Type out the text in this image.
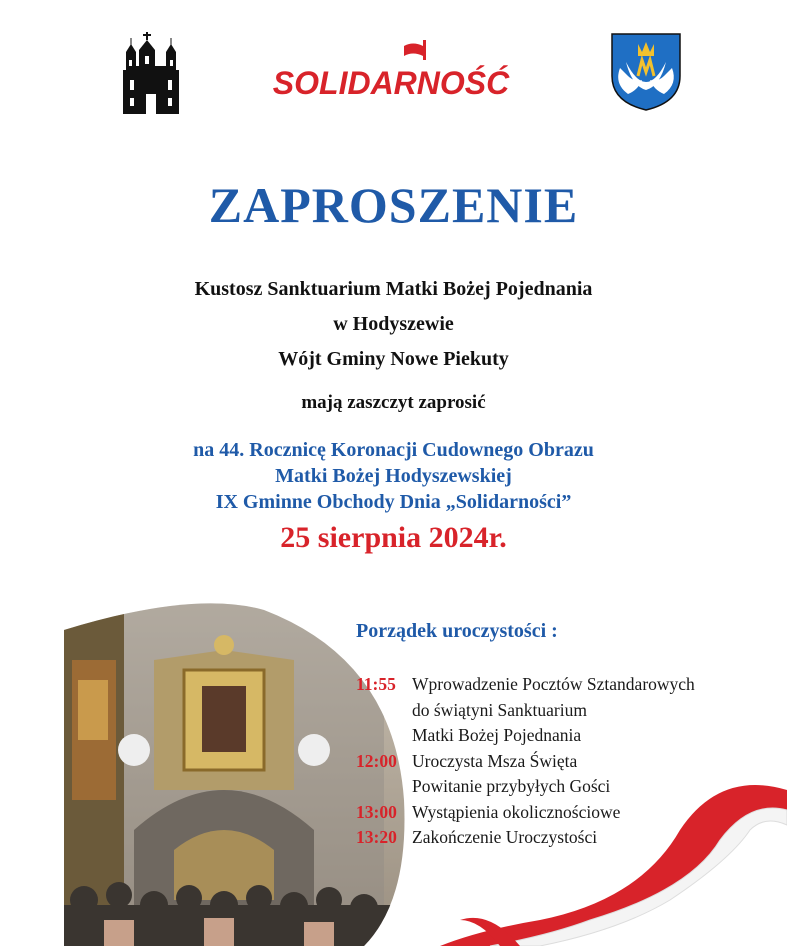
SOLIDARNOŚĆ
ZAPROSZENIE
Kustosz Sanktuarium Matki Bożej Pojednania
w Hodyszewie
Wójt Gminy Nowe Piekuty
mają zaszczyt zaprosić
na 44. Rocznicę Koronacji Cudownego Obrazu
Matki Bożej Hodyszewskiej
IX Gminne Obchody Dnia „Solidarności”
25 sierpnia 2024r.
Porządek uroczystości :
11:55 Wprowadzenie Pocztów Sztandarowych
do świątyni Sanktuarium
Matki Bożej Pojednania
12:00 Uroczysta Msza Święta
Powitanie przybyłych Gości
13:00 Wystąpienia okolicznościowe
13:20 Zakończenie Uroczystości
